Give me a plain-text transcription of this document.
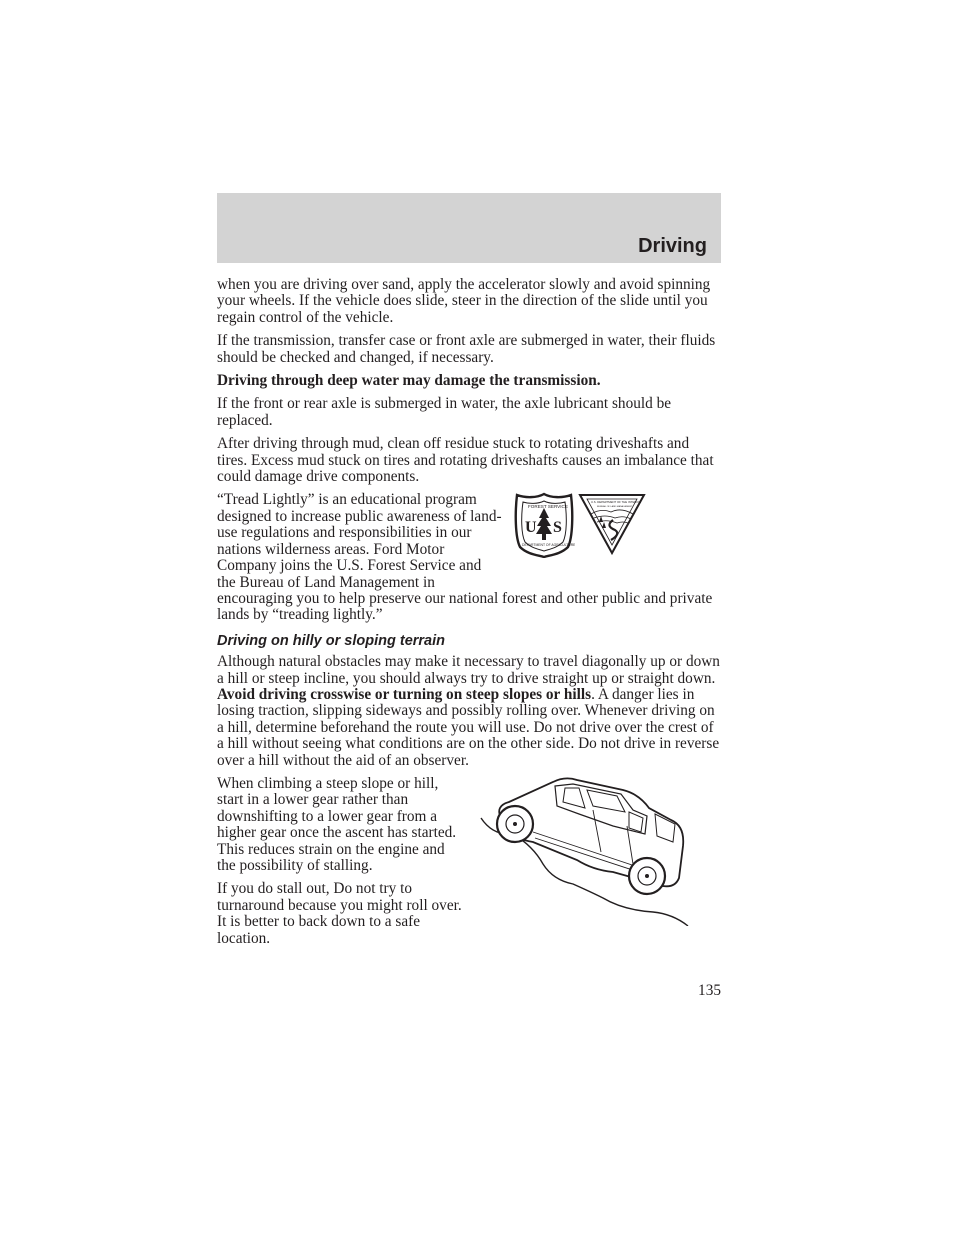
Driving

when you are driving over sand, apply the accelerator slowly and avoid spinning your wheels. If the vehicle does slide, steer in the direction of the slide until you regain control of the vehicle.

If the transmission, transfer case or front axle are submerged in water, their fluids should be checked and changed, if necessary.

Driving through deep water may damage the transmission.

If the front or rear axle is submerged in water, the axle lubricant should be replaced.

After driving through mud, clean off residue stuck to rotating driveshafts and tires. Excess mud stuck on tires and rotating driveshafts causes an imbalance that could damage drive components.

U S
FOREST SERVICE
DEPARTMENT OF AGRICULTURE
U.S. DEPARTMENT OF THE INTERIOR
BUREAU OF LAND MANAGEMENT

“Tread Lightly” is an educational program designed to increase public awareness of land-use regulations and responsibilities in our nations wilderness areas. Ford Motor Company joins the U.S. Forest Service and the Bureau of Land Management in encouraging you to help preserve our national forest and other public and private lands by “treading lightly.”

Driving on hilly or sloping terrain

Although natural obstacles may make it necessary to travel diagonally up or down a hill or steep incline, you should always try to drive straight up or straight down. Avoid driving crosswise or turning on steep slopes or hills. A danger lies in losing traction, slipping sideways and possibly rolling over. Whenever driving on a hill, determine beforehand the route you will use. Do not drive over the crest of a hill without seeing what conditions are on the other side. Do not drive in reverse over a hill without the aid of an observer.

When climbing a steep slope or hill, start in a lower gear rather than downshifting to a lower gear from a higher gear once the ascent has started. This reduces strain on the engine and the possibility of stalling.

If you do stall out, Do not try to turnaround because you might roll over. It is better to back down to a safe location.

135
